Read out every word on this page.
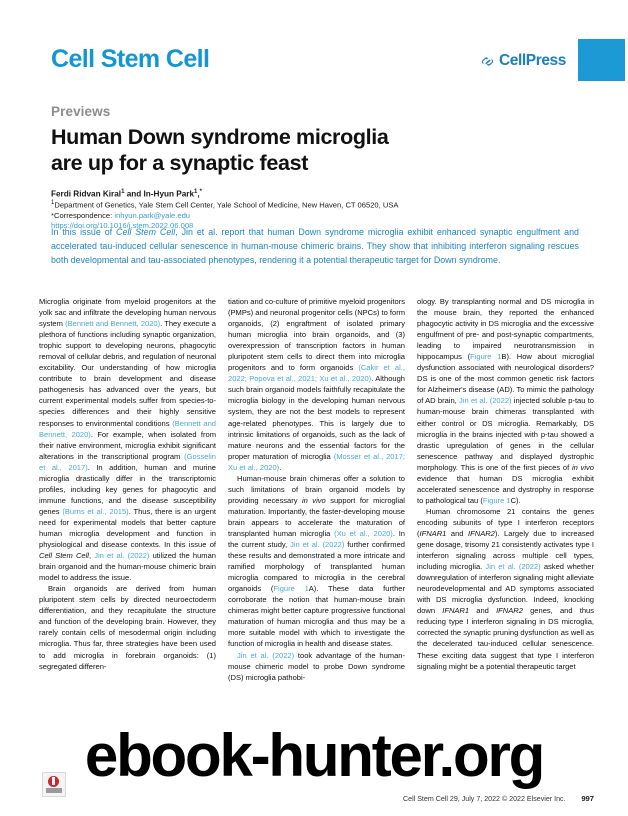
Cell Stem Cell	CellPress
Previews
Human Down syndrome microglia are up for a synaptic feast
Ferdi Ridvan Kiral$^1$ and In-Hyun Park$^1$,*
$^1$Department of Genetics, Yale Stem Cell Center, Yale School of Medicine, New Haven, CT 06520, USA
*Correspondence: inhyun.park@yale.edu
https://doi.org/10.1016/j.stem.2022.06.008
In this issue of Cell Stem Cell, Jin et al. report that human Down syndrome microglia exhibit enhanced synaptic engulfment and accelerated tau-induced cellular senescence in human-mouse chimeric brains. They show that inhibiting interferon signaling rescues both developmental and tau-associated phenotypes, rendering it a potential therapeutic target for Down syndrome.

Microglia originate from myeloid progenitors at the yolk sac and infiltrate the developing human nervous system (Bennett and Bennett, 2020). They execute a plethora of functions including synaptic organization, trophic support to developing neurons, phagocytic removal of cellular debris, and regulation of neuronal excitability. Our understanding of how microglia contribute to brain development and disease pathogenesis has advanced over the years, but current experimental models suffer from species-to-species differences and their highly sensitive responses to environmental conditions (Bennett and Bennett, 2020). For example, when isolated from their native environment, microglia exhibit significant alterations in the transcriptional program (Gosselin et al., 2017). In addition, human and murine microglia drastically differ in the transcriptomic profiles, including key genes for phagocytic and immune functions, and the disease susceptibility genes (Burns et al., 2015). Thus, there is an urgent need for experimental models that better capture human microglia development and function in physiological and disease contexts. In this issue of Cell Stem Cell, Jin et al. (2022) utilized the human brain organoid and the human-mouse chimeric brain model to address the issue.

Brain organoids are derived from human pluripotent stem cells by directed neuroectoderm differentiation, and they recapitulate the structure and function of the developing brain. However, they rarely contain cells of mesodermal origin including microglia. Thus far, three strategies have been used to add microglia in forebrain organoids: (1) segregated differen-

tiation and co-culture of primitive myeloid progenitors (PMPs) and neuronal progenitor cells (NPCs) to form organoids, (2) engraftment of isolated primary human microglia into brain organoids, and (3) overexpression of transcription factors in human pluripotent stem cells to direct them into microglia progenitors and to form organoids (Cakir et al., 2022; Popova et al., 2021; Xu et al., 2020). Although such brain organoid models faithfully recapitulate the microglia biology in the developing human nervous system, they are not the best models to represent age-related phenotypes. This is largely due to intrinsic limitations of organoids, such as the lack of mature neurons and the essential factors for the proper maturation of microglia (Mosser et al., 2017; Xu et al., 2020).

Human-mouse brain chimeras offer a solution to such limitations of brain organoid models by providing necessary in vivo support for microglial maturation. Importantly, the faster-developing mouse brain appears to accelerate the maturation of transplanted human microglia (Xu et al., 2020). In the current study, Jin et al. (2022) further confirmed these results and demonstrated a more intricate and ramified morphology of transplanted human microglia compared to microglia in the cerebral organoids (Figure 1A). These data further corroborate the notion that human-mouse brain chimeras might better capture progressive functional maturation of human microglia and thus may be a more suitable model with which to investigate the function of microglia in health and disease states.

Jin et al. (2022) took advantage of the human-mouse chimeric model to probe Down syndrome (DS) microglia pathobi-

ology. By transplanting normal and DS microglia in the mouse brain, they reported the enhanced phagocytic activity in DS microglia and the excessive engulfment of pre- and post-synaptic compartments, leading to impaired neurotransmission in hippocampus (Figure 1B). How about microglial dysfunction associated with neurological disorders? DS is one of the most common genetic risk factors for Alzheimer's disease (AD). To mimic the pathology of AD brain, Jin et al. (2022) injected soluble p-tau to human-mouse brain chimeras transplanted with either control or DS microglia. Remarkably, DS microglia in the brains injected with p-tau showed a drastic upregulation of genes in the cellular senescence pathway and displayed dystrophic morphology. This is one of the first pieces of in vivo evidence that human DS microglia exhibit accelerated senescence and dystrophy in response to pathological tau (Figure 1C).

Human chromosome 21 contains the genes encoding subunits of type I interferon receptors (IFNAR1 and IFNAR2). Largely due to increased gene dosage, trisomy 21 consistently activates type I interferon signaling across multiple cell types, including microglia. Jin et al. (2022) asked whether downregulation of interferon signaling might alleviate neurodevelopmental and AD symptoms associated with DS microglia dysfunction. Indeed, knocking down IFNAR1 and IFNAR2 genes, and thus reducing type I interferon signaling in DS microglia, corrected the synaptic pruning dysfunction as well as the decelerated tau-induced cellular senescence. These exciting data suggest that type I interferon signaling might be a potential therapeutic target

Cell Stem Cell 29, July 7, 2022 © 2022 Elsevier Inc.	997
ebook-hunter.org
